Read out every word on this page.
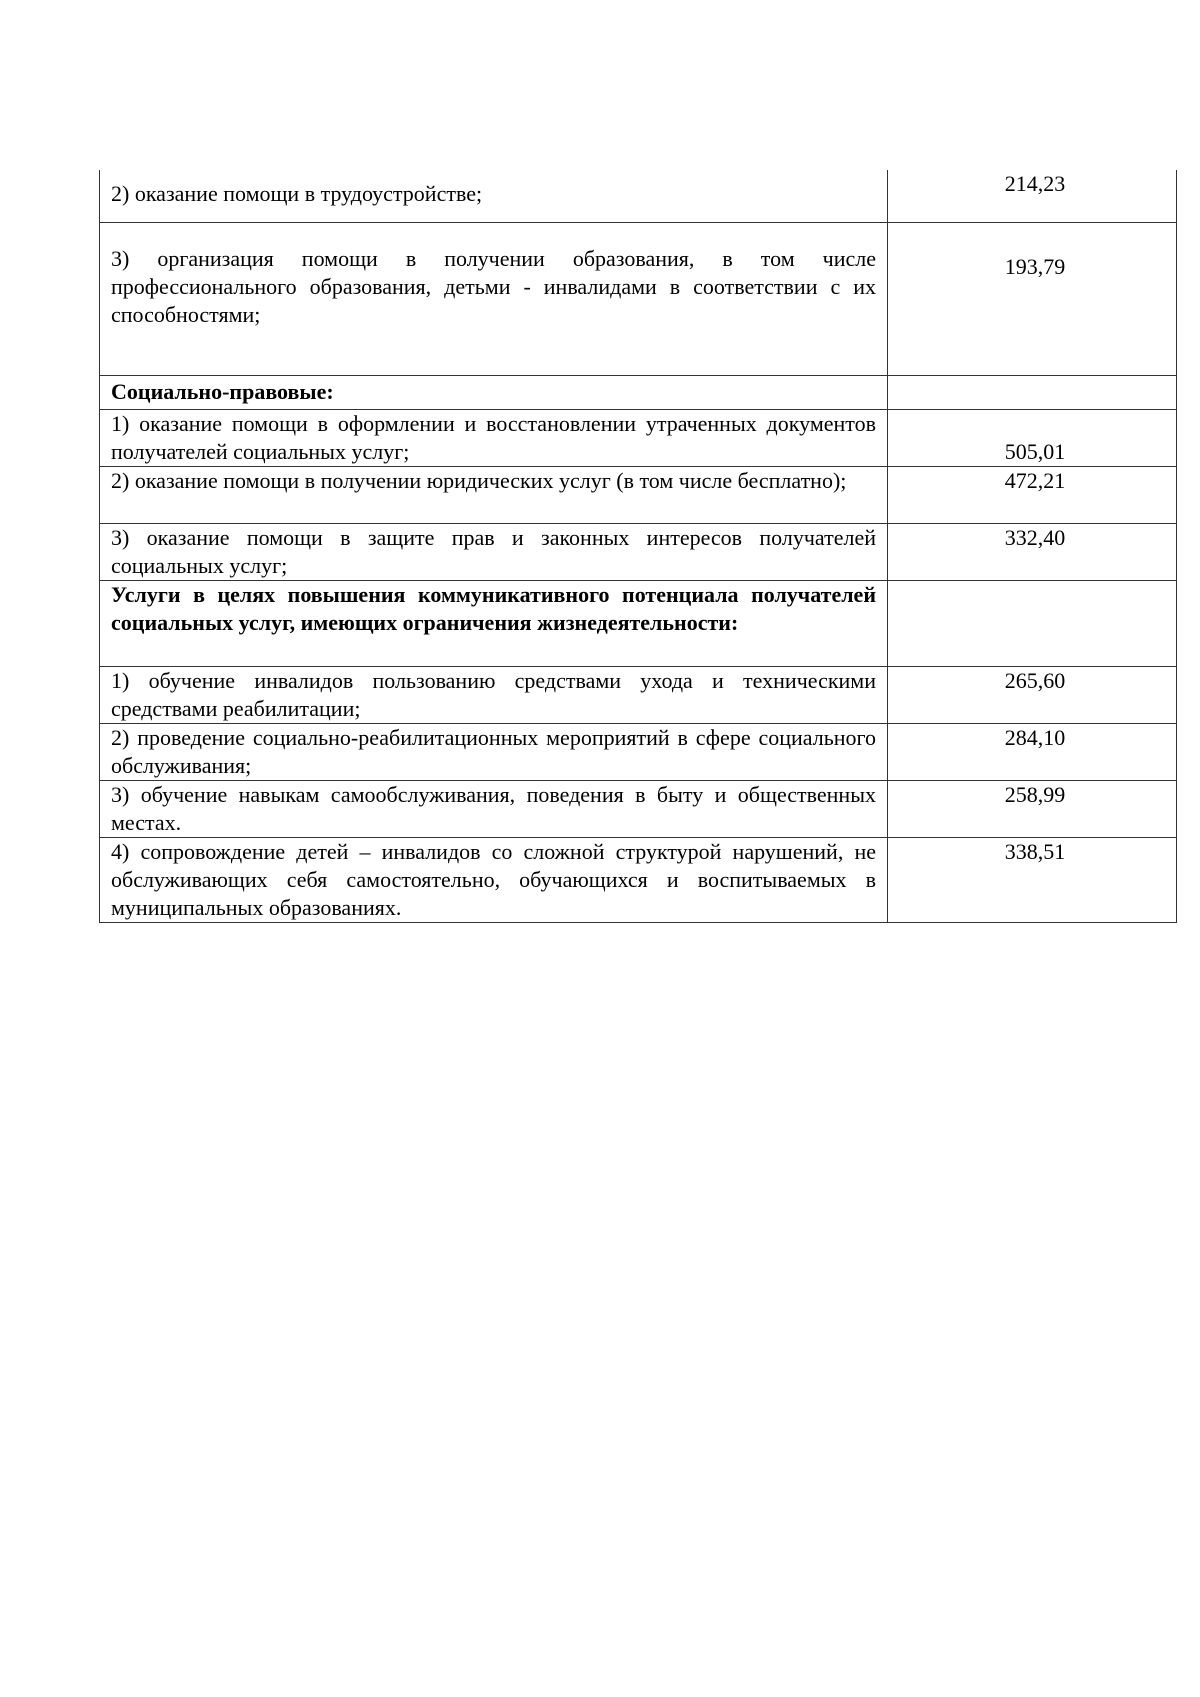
2) оказание помощи в трудоустройстве;	214,23
3) организация помощи в получении образования, в том числе профессионального образования, детьми - инвалидами в соответствии с их способностями;	193,79
Социально-правовые:	
1) оказание помощи в оформлении и восстановлении утраченных документов получателей социальных услуг;	505,01
2) оказание помощи в получении юридических услуг (в том числе бесплатно);	472,21
3) оказание помощи в защите прав и законных интересов получателей социальных услуг;	332,40
Услуги в целях повышения коммуникативного потенциала получателей социальных услуг, имеющих ограничения жизнедеятельности:	
1) обучение инвалидов пользованию средствами ухода и техническими средствами реабилитации;	265,60
2) проведение социально-реабилитационных мероприятий в сфере социального обслуживания;	284,10
3) обучение навыкам самообслуживания, поведения в быту и общественных местах.	258,99
4) сопровождение детей – инвалидов со сложной структурой нарушений, не обслуживающих себя самостоятельно, обучающихся и воспитываемых в муниципальных образованиях.	338,51
